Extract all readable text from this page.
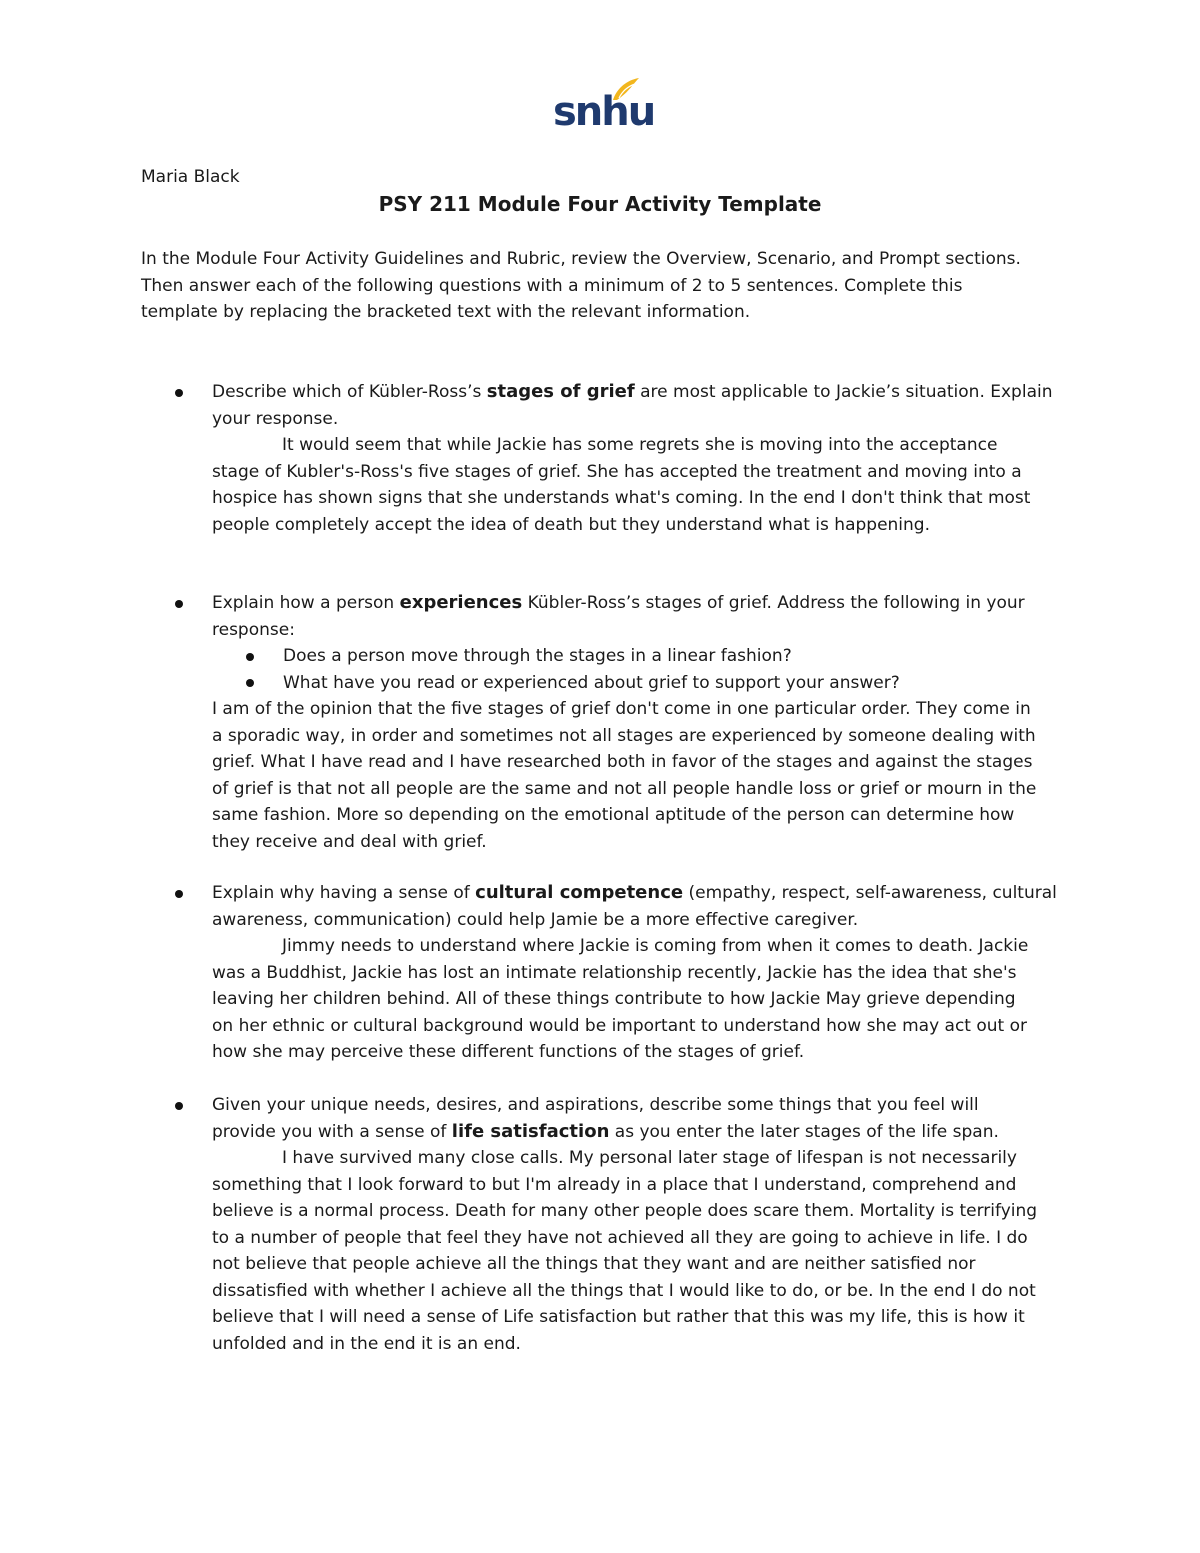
snhu

Maria Black

PSY 211 Module Four Activity Template

In the Module Four Activity Guidelines and Rubric, review the Overview, Scenario, and Prompt sections.
Then answer each of the following questions with a minimum of 2 to 5 sentences. Complete this
template by replacing the bracketed text with the relevant information.

Describe which of Kübler-Ross’s stages of grief are most applicable to Jackie’s situation. Explain
your response.
It would seem that while Jackie has some regrets she is moving into the acceptance
stage of Kubler's-Ross's five stages of grief. She has accepted the treatment and moving into a
hospice has shown signs that she understands what's coming. In the end I don't think that most
people completely accept the idea of death but they understand what is happening.
Explain how a person experiences Kübler-Ross’s stages of grief. Address the following in your
response:
Does a person move through the stages in a linear fashion?
What have you read or experienced about grief to support your answer?
I am of the opinion that the five stages of grief don't come in one particular order. They come in
a sporadic way, in order and sometimes not all stages are experienced by someone dealing with
grief. What I have read and I have researched both in favor of the stages and against the stages
of grief is that not all people are the same and not all people handle loss or grief or mourn in the
same fashion. More so depending on the emotional aptitude of the person can determine how
they receive and deal with grief.
Explain why having a sense of cultural competence (empathy, respect, self-awareness, cultural
awareness, communication) could help Jamie be a more effective caregiver.
Jimmy needs to understand where Jackie is coming from when it comes to death. Jackie
was a Buddhist, Jackie has lost an intimate relationship recently, Jackie has the idea that she's
leaving her children behind. All of these things contribute to how Jackie May grieve depending
on her ethnic or cultural background would be important to understand how she may act out or
how she may perceive these different functions of the stages of grief.
Given your unique needs, desires, and aspirations, describe some things that you feel will
provide you with a sense of life satisfaction as you enter the later stages of the life span.
I have survived many close calls. My personal later stage of lifespan is not necessarily
something that I look forward to but I'm already in a place that I understand, comprehend and
believe is a normal process. Death for many other people does scare them. Mortality is terrifying
to a number of people that feel they have not achieved all they are going to achieve in life. I do
not believe that people achieve all the things that they want and are neither satisfied nor
dissatisfied with whether I achieve all the things that I would like to do, or be. In the end I do not
believe that I will need a sense of Life satisfaction but rather that this was my life, this is how it
unfolded and in the end it is an end.
